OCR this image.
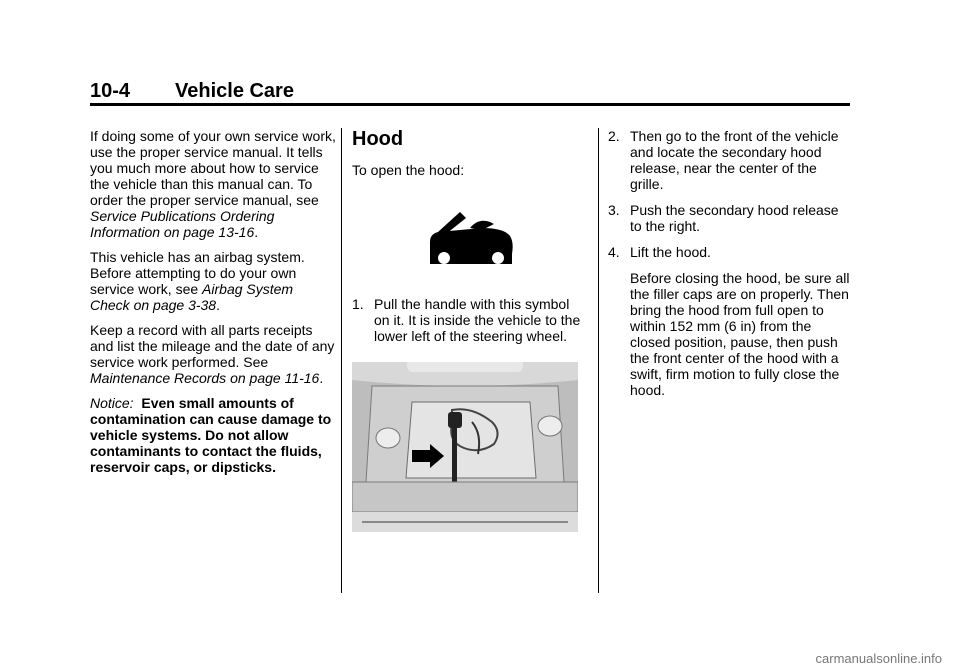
10-4 Vehicle Care

If doing some of your own service work, use the proper service manual. It tells you much more about how to service the vehicle than this manual can. To order the proper service manual, see Service Publications Ordering Information on page 13-16.

This vehicle has an airbag system. Before attempting to do your own service work, see Airbag System Check on page 3-38.

Keep a record with all parts receipts and list the mileage and the date of any service work performed. See Maintenance Records on page 11-16.

Notice: Even small amounts of contamination can cause damage to vehicle systems. Do not allow contaminants to contact the fluids, reservoir caps, or dipsticks.

Hood

To open the hood:

1. Pull the handle with this symbol on it. It is inside the vehicle to the lower left of the steering wheel.
2. Then go to the front of the vehicle and locate the secondary hood release, near the center of the grille.
3. Push the secondary hood release to the right.
4. Lift the hood.

Before closing the hood, be sure all the filler caps are on properly. Then bring the hood from full open to within 152 mm (6 in) from the closed position, pause, then push the front center of the hood with a swift, firm motion to fully close the hood.

carmanualsonline.info
